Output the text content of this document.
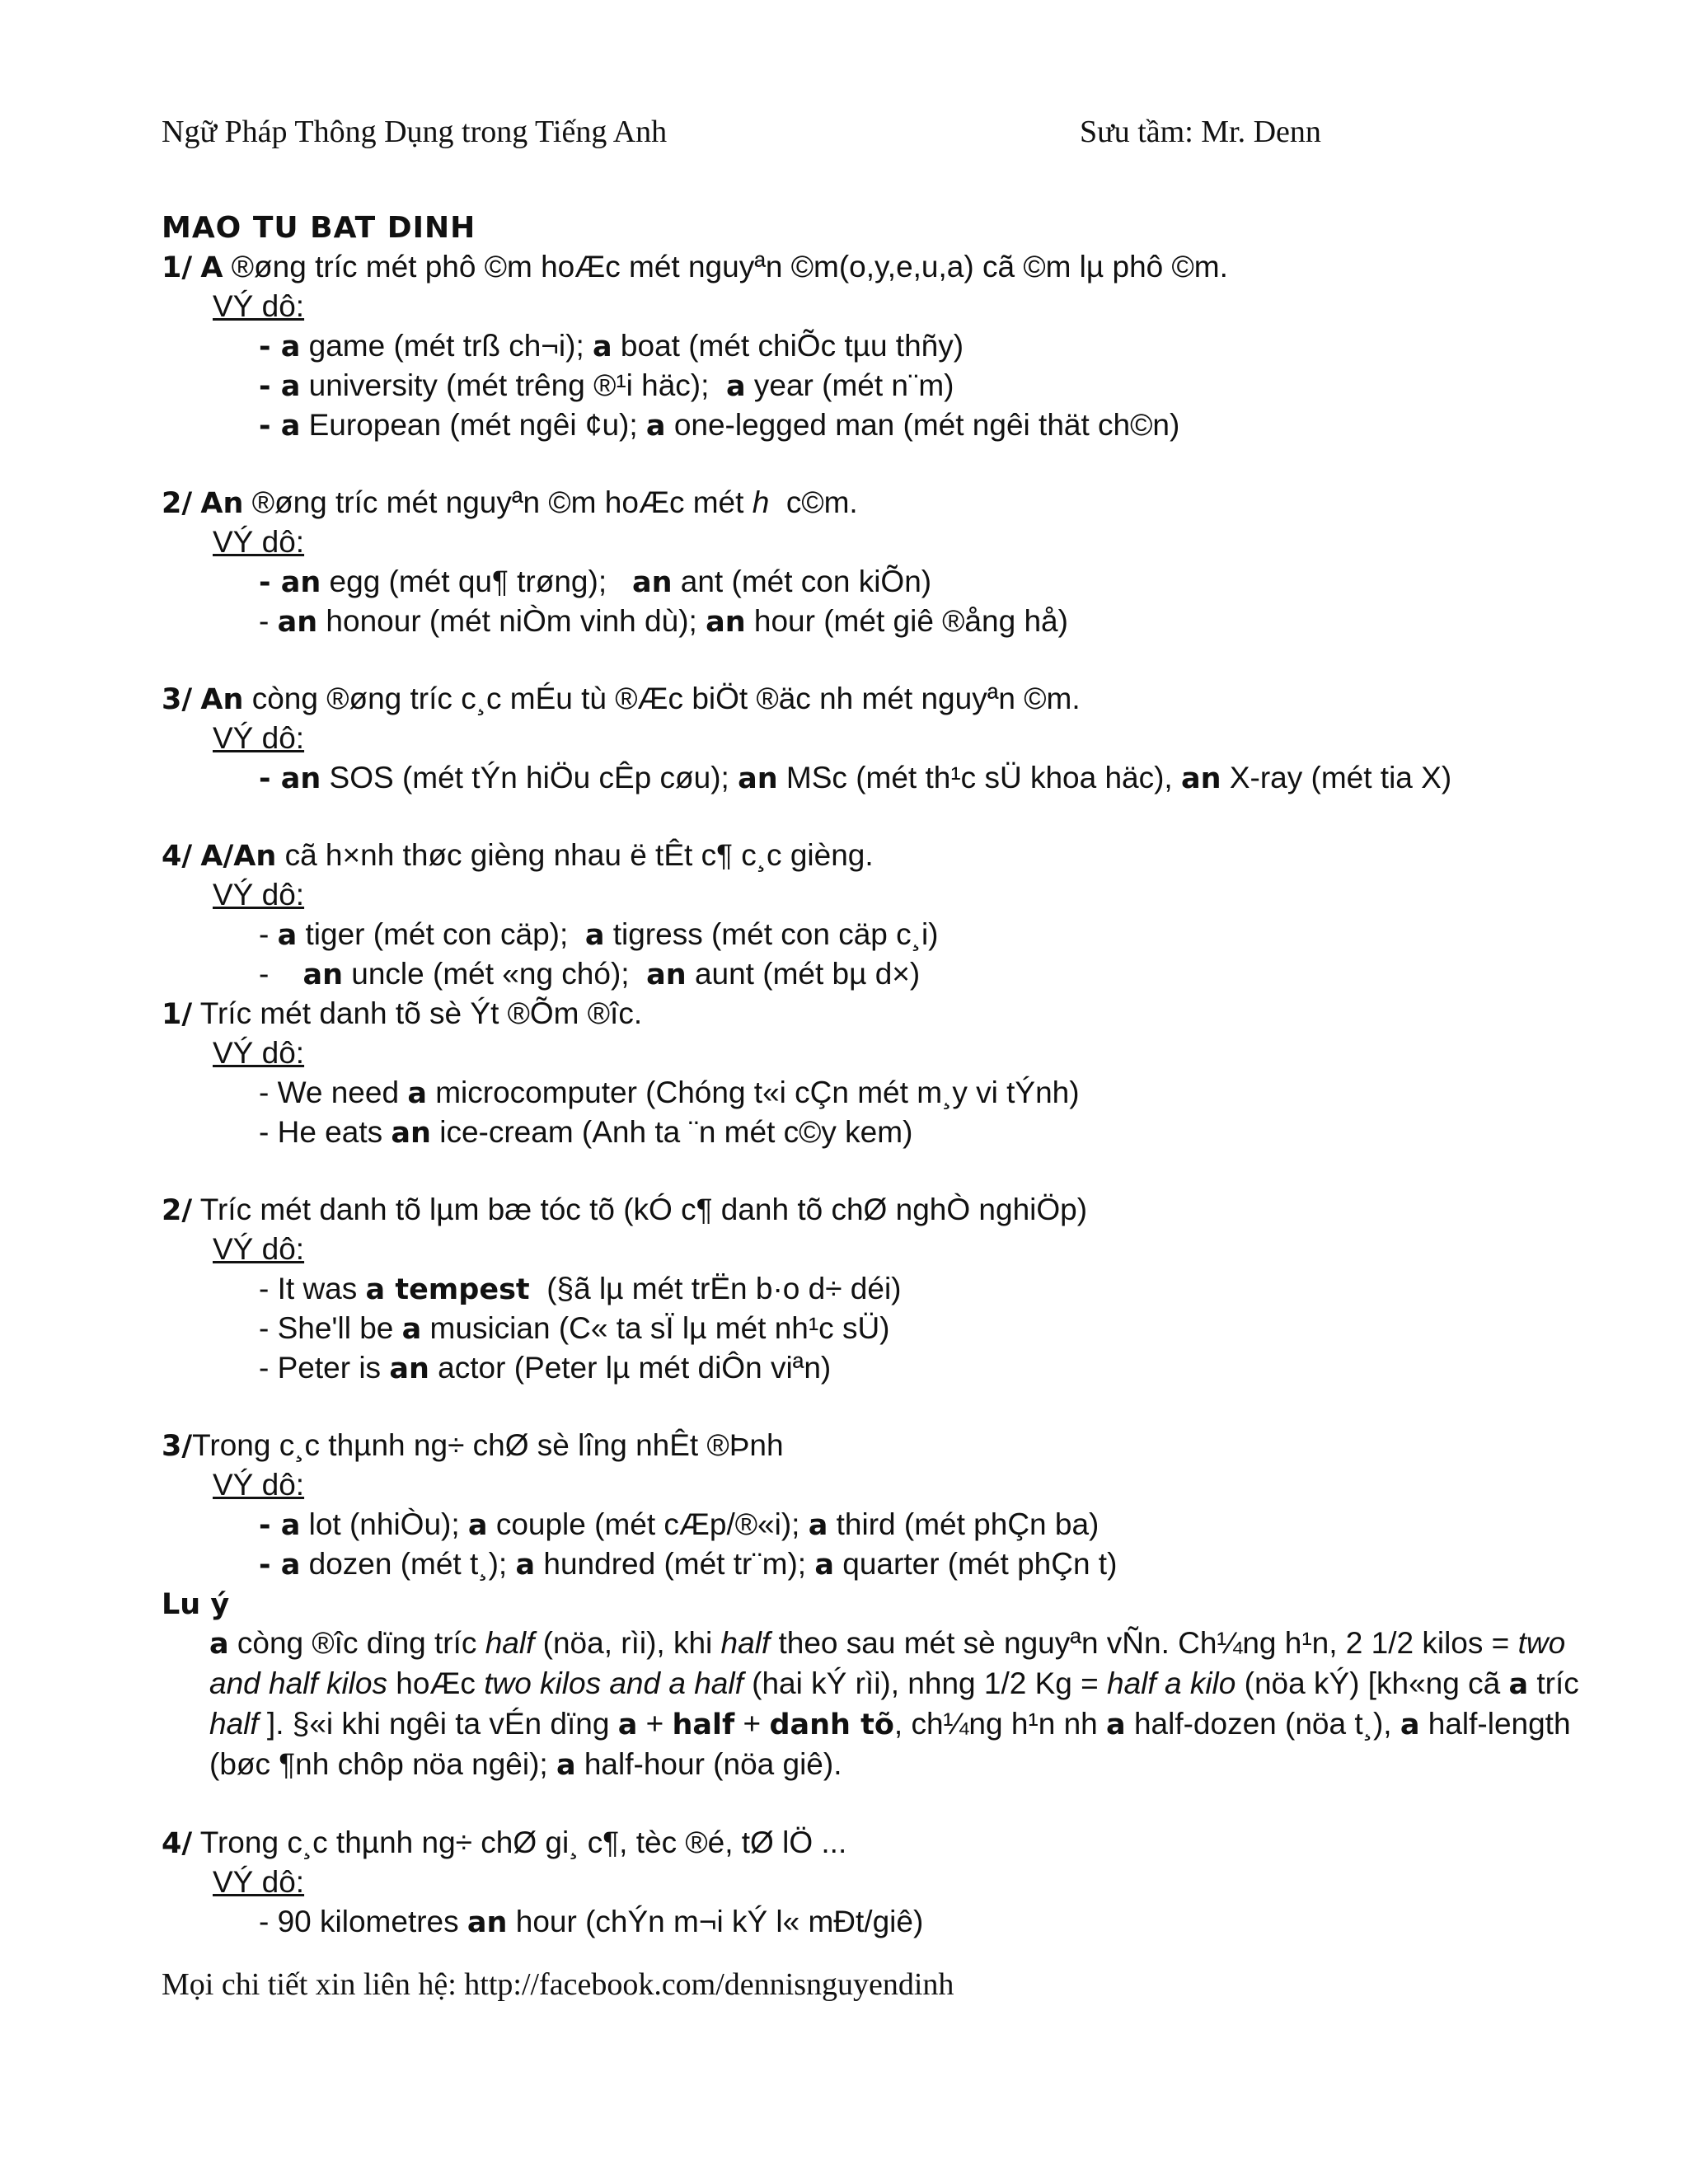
Ngữ Pháp Thông Dụng trong Tiếng Anh	Sưu tầm: Mr. Denn
MAO TU BAT DINH
1/ A ®øng tríc mét phô ©m hoÆc mét nguyªn ©m(o,y,e,u,a) cã ©m lµ phô ©m.
VÝ dô:
- a game (mét trß ch¬i); a boat (mét chiÕc tµu thñy)
- a university (mét trêng ®¹i häc);  a year (mét n¨m)
- a European (mét ngêi ¢u); a one-legged man (mét ngêi thät ch©n)
2/ An ®øng tríc mét nguyªn ©m hoÆc mét h  c©m.
VÝ dô:
- an egg (mét qu¶ trøng);   an ant (mét con kiÕn)
- an honour (mét niÒm vinh dù); an hour (mét giê ®ång hå)
3/ An còng ®øng tríc c¸c mÉu tù ®Æc biÖt ®äc nh mét nguyªn ©m.
VÝ dô:
- an SOS (mét tÝn hiÖu cÊp cøu); an MSc (mét th¹c sÜ khoa häc), an X-ray (mét tia X)
4/ A/An cã h×nh thøc gièng nhau ë tÊt c¶ c¸c gièng.
VÝ dô:
- a tiger (mét con cäp);  a tigress (mét con cäp c¸i)
-    an uncle (mét «ng chó);  an aunt (mét bµ d×)
1/ Tríc mét danh tõ sè Ýt ®Õm ®îc.
VÝ dô:
- We need a microcomputer (Chóng t«i cÇn mét m¸y vi tÝnh)
- He eats an ice-cream (Anh ta ¨n mét c©y kem)
2/ Tríc mét danh tõ lµm bæ tóc tõ (kÓ c¶ danh tõ chØ nghÒ nghiÖp)
VÝ dô:
- It was a tempest  (§ã lµ mét trËn b·o d÷ déi)
- She'll be a musician (C« ta sÏ lµ mét nh¹c sÜ)
- Peter is an actor (Peter lµ mét diÔn viªn)
3/Trong c¸c thµnh ng÷ chØ sè lîng nhÊt ®Þnh
VÝ dô:
- a lot (nhiÒu); a couple (mét cÆp/®«i); a third (mét phÇn ba)
- a dozen (mét t¸); a hundred (mét tr¨m); a quarter (mét phÇn t)
Lu ý
a còng ®îc dïng tríc half (nöa, rìi), khi half theo sau mét sè nguyªn vÑn. Ch¼ng h¹n, 2 1/2 kilos = two and half kilos hoÆc two kilos and a half (hai kÝ rìi), nhng 1/2 Kg = half a kilo (nöa kÝ) [kh«ng cã a tríc half ]. §«i khi ngêi ta vÉn dïng a + half + danh tõ, ch¼ng h¹n nh a half-dozen (nöa t¸), a half-length (bøc ¶nh chôp nöa ngêi); a half-hour (nöa giê).
4/ Trong c¸c thµnh ng÷ chØ gi¸ c¶, tèc ®é, tØ lÖ ...
VÝ dô:
- 90 kilometres an hour (chÝn m¬i kÝ l« mÐt/giê)
Mọi chi tiết xin liên hệ: http://facebook.com/dennisnguyendinh
